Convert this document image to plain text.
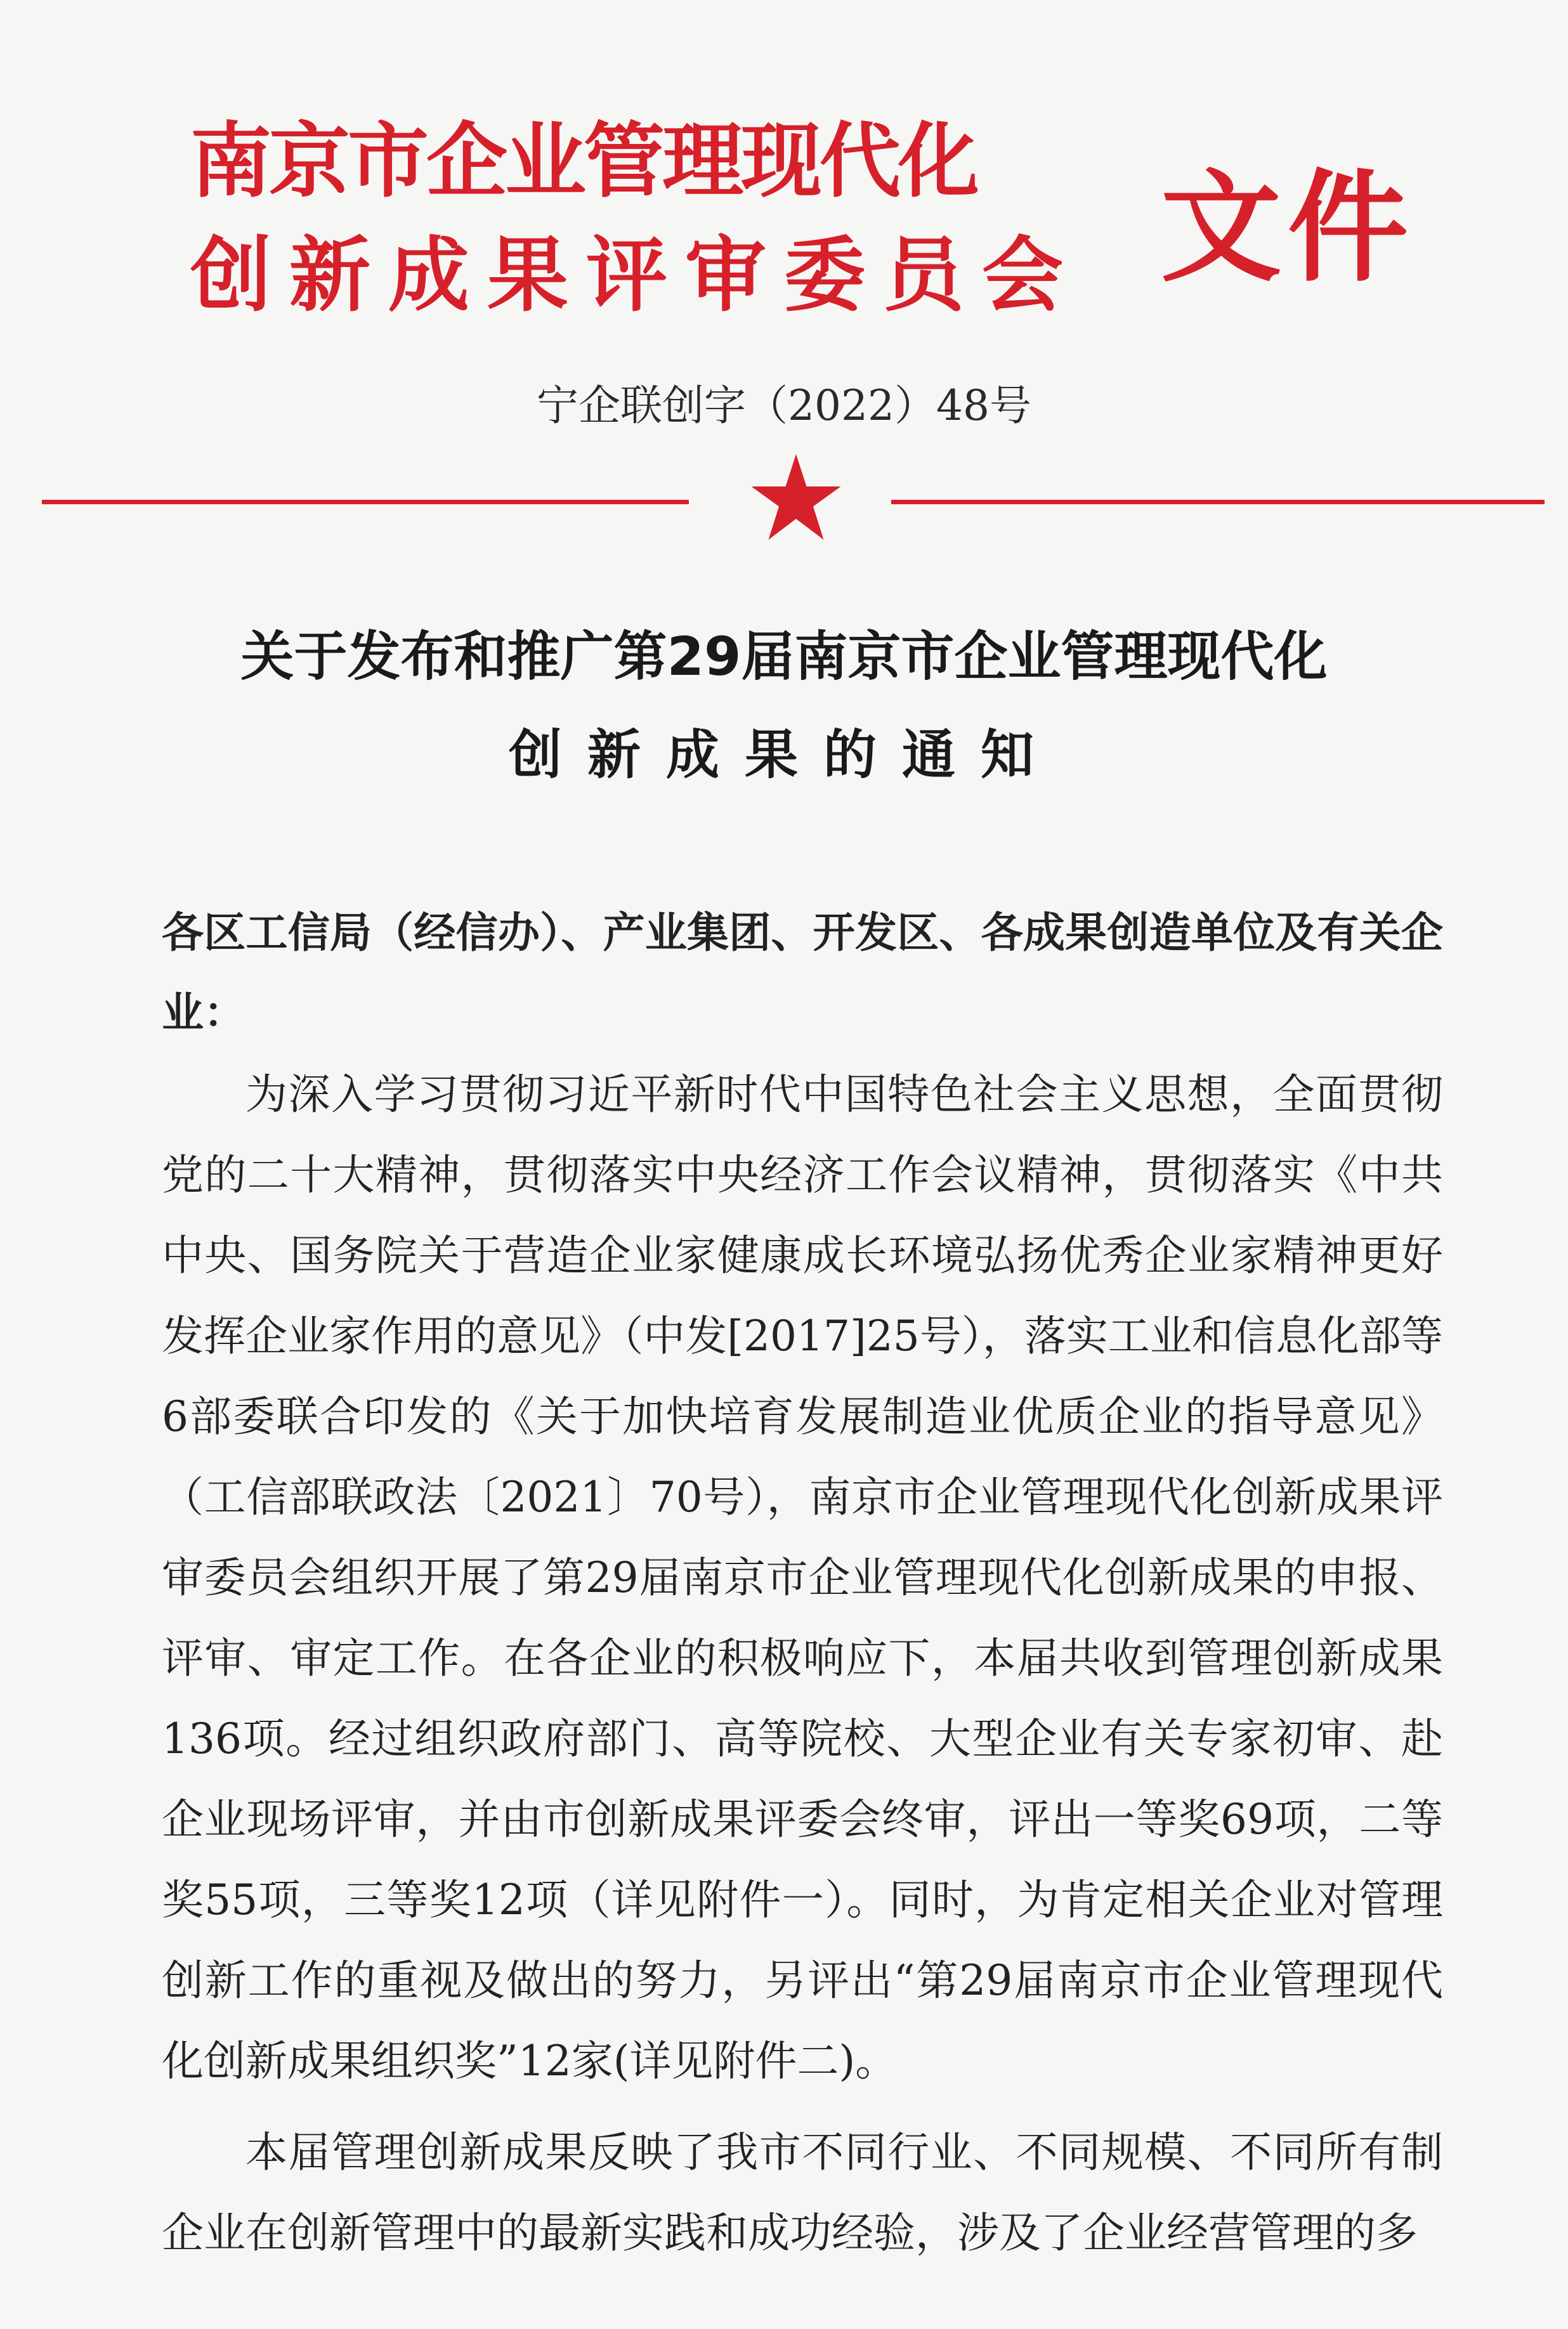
南京市企业管理现代化
创新成果评审委员会 文件
宁企联创字（2022）48号
关于发布和推广第29届南京市企业管理现代化
创新成果的通知
各区工信局（经信办）、产业集团、开发区、各成果创造单位及有关企业：
为深入学习贯彻习近平新时代中国特色社会主义思想，全面贯彻党的二十大精神，贯彻落实中央经济工作会议精神，贯彻落实《中共中央、国务院关于营造企业家健康成长环境弘扬优秀企业家精神更好发挥企业家作用的意见》（中发[2017]25号），落实工业和信息化部等6部委联合印发的《关于加快培育发展制造业优质企业的指导意见》（工信部联政法〔2021〕70号），南京市企业管理现代化创新成果评审委员会组织开展了第29届南京市企业管理现代化创新成果的申报、评审、审定工作。在各企业的积极响应下，本届共收到管理创新成果136项。经过组织政府部门、高等院校、大型企业有关专家初审、赴企业现场评审，并由市创新成果评委会终审，评出一等奖69项，二等奖55项，三等奖12项（详见附件一）。同时，为肯定相关企业对管理创新工作的重视及做出的努力，另评出“第29届南京市企业管理现代化创新成果组织奖”12家(详见附件二)。
本届管理创新成果反映了我市不同行业、不同规模、不同所有制企业在创新管理中的最新实践和成功经验，涉及了企业经营管理的多
